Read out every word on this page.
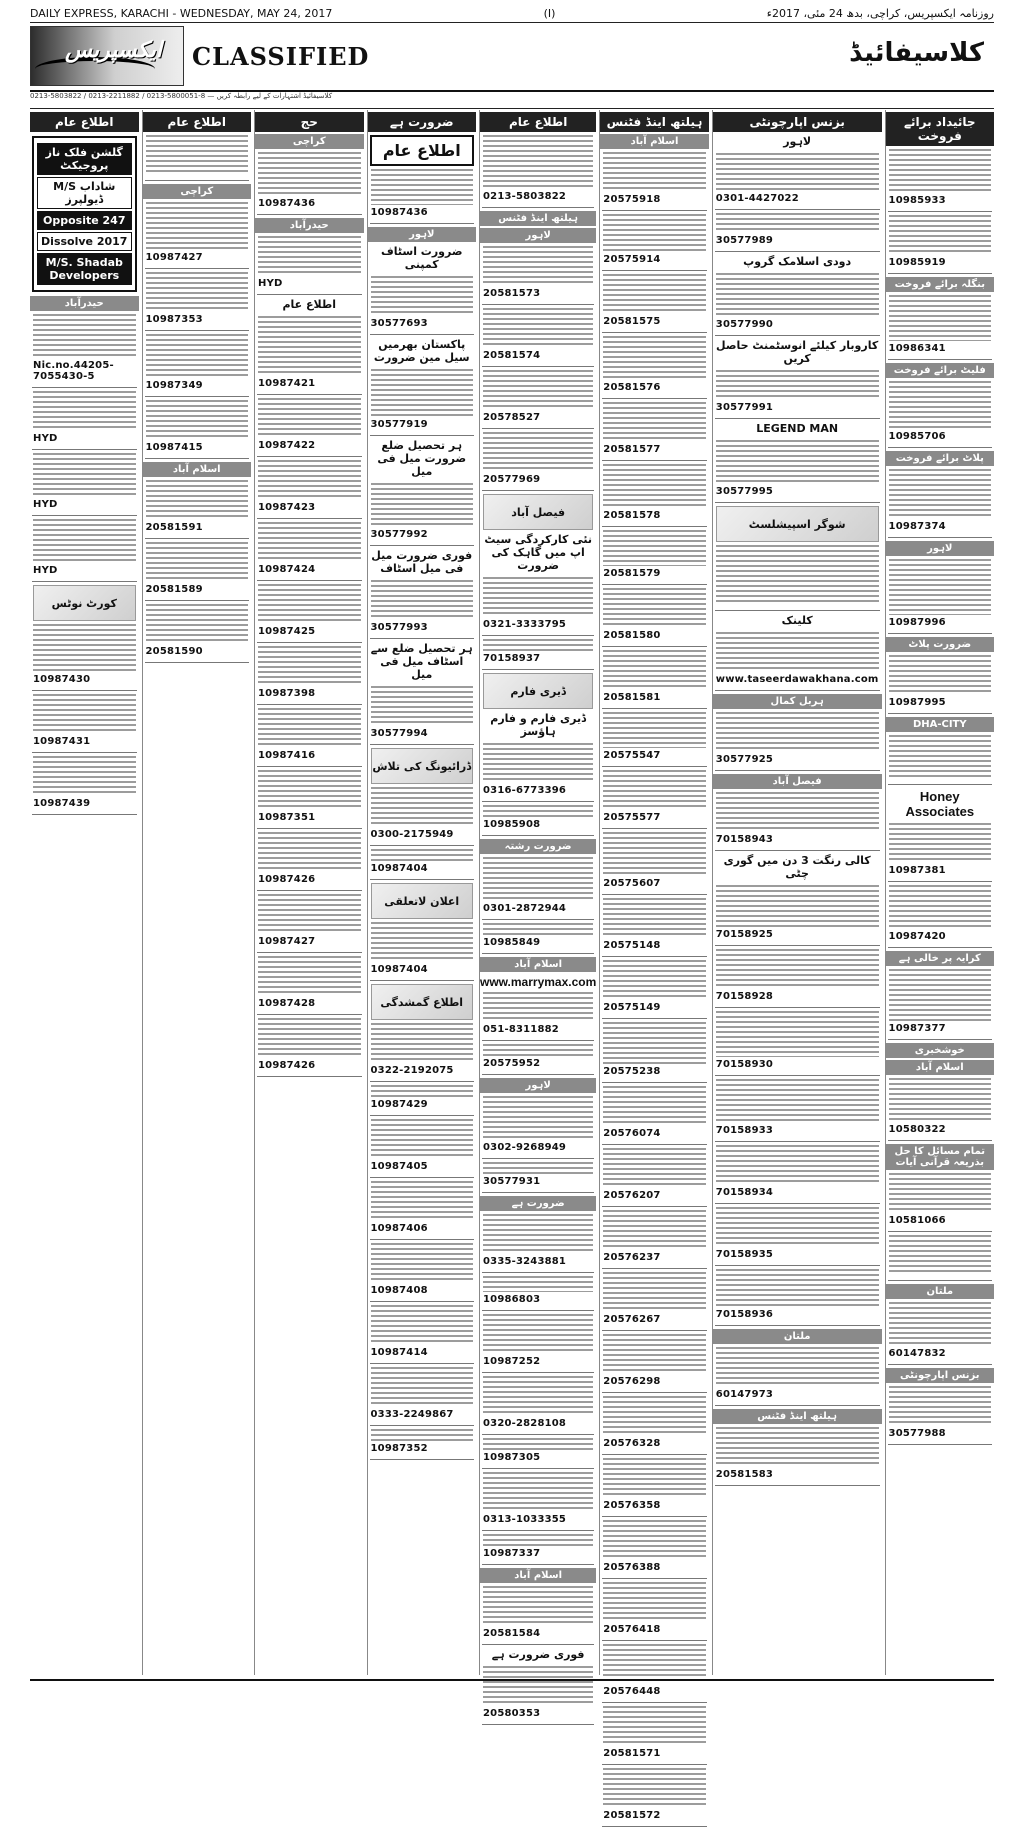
DAILY EXPRESS, KARACHI - WEDNESDAY, MAY 24, 2017	(I)	روزنامہ ایکسپریس، کراچی، بدھ 24 مئی، 2017ء
ایکسپریس CLASSIFIED	کلاسیفائیڈ
0213-5803822 / 0213-2211882 / 0213-5800051-8 — کلاسیفائیڈ اشتہارات کے لیے رابطہ کریں
اطلاع عام
گلشن فلک ناز پروجیکٹ
M/S شاداب ڈیولپرز
Opposite 247
Dissolve 2017
M/S. Shadab Developers
حیدرآباد
Nic.no.44205-7055430-5
HYD
HYD
HYD
کورٹ نوٹس
10987430
10987431
10987439
اطلاع عام
کراچی
10987427
10987353
10987349
10987415
اسلام آباد
20581591
20581589
20581590
حج
کراچی
10987436
حیدرآباد
HYD
اطلاع عام
10987421
10987422
10987423
10987424
10987425
10987398
10987416
10987351
10987426
10987427
10987428
10987426
ضرورت ہے
اطلاع عام
10987436
لاہور
ضرورت اسٹاف کمپنی
30577693
پاکستان بھرمیں سیل مین ضرورت
30577919
ہر تحصیل ضلع ضرورت میل فی میل
30577992
فوری ضرورت میل فی میل اسٹاف
30577993
ہر تحصیل ضلع سے اسٹاف میل فی میل
30577994
ڈرائیونگ کی تلاش
0300-2175949
10987404
اعلان لاتعلقی
10987404
اطلاع گمشدگی
0322-2192075
10987429
10987405
10987406
10987408
10987414
0333-2249867
10987352
اطلاع عام
0213-5803822
ہیلتھ اینڈ فٹنس
لاہور
20581573
20581574
20578527
20577969
فیصل آباد
نئی کارکردگی سیٹ اپ میں گاہک کی ضرورت
0321-3333795
70158937
ڈیری فارم
ڈیری فارم و فارم ہاؤسز
0316-6773396
10985908
ضرورت رشتہ
0301-2872944
10985849
اسلام آباد
www.marrymax.com
051-8311882
20575952
لاہور
0302-9268949
30577931
ضرورت ہے
0335-3243881
10986803
10987252
0320-2828108
10987305
0313-1033355
10987337
اسلام آباد
20581584
فوری ضرورت ہے
20580353
ہیلتھ اینڈ فٹنس
اسلام آباد
20575918
20575914
20581575
20581576
20581577
20581578
20581579
20581580
20581581
20575547
20575577
20575607
20575148
20575149
20575238
20576074
20576207
20576237
20576267
20576298
20576328
20576358
20576388
20576418
20576448
20581571
20581572
بزنس اپارچونٹی
لاہور
0301-4427022
30577989
دودی اسلامک گروپ
30577990
کاروبار کیلئے انوسٹمنٹ حاصل کریں
30577991
LEGEND MAN
30577995
شوگر اسپیشلسٹ
کلینک
www.taseerdawakhana.com
ہربل کمال
30577925
فیصل آباد
70158943
کالی رنگت 3 دن میں گوری چٹی
70158925
70158928
70158930
70158933
70158934
70158935
70158936
ملتان
60147973
ہیلتھ اینڈ فٹنس
20581583
جائیداد برائے فروخت
10985933
10985919
بنگلہ برائے فروخت
10986341
فلیٹ برائے فروخت
10985706
پلاٹ برائے فروخت
10987374
لاہور
10987996
ضرورت پلاٹ
10987995
DHA-CITY
Honey Associates
10987381
10987420
کرایہ پر خالی ہے
10987377
خوشخبری
اسلام آباد
10580322
تمام مسائل کا حل بذریعہ قرآنی آیات
10581066
ملتان
60147832
بزنس اپارچونٹی
30577988
